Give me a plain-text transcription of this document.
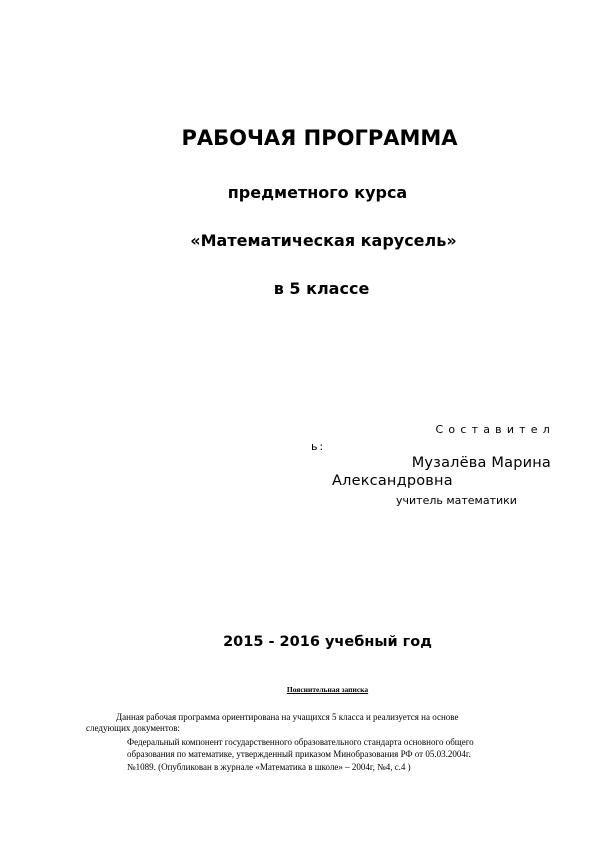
РАБОЧАЯ ПРОГРАММА
предметного курса
«Математическая карусель»
в 5 классе
Составител
ь:
Музалёва Марина
Александровна
учитель математики
2015 - 2016 учебный год
Пояснительная записка
Данная рабочая программа ориентирована на учащихся 5 класса и реализуется на основе
следующих документов:
Федеральный компонент государственного образовательного стандарта основного общего
образования по математике, утвержденный приказом Минобразования РФ от 05.03.2004г.
№1089. (Опубликован в журнале «Математика в школе» – 2004г, №4, с.4 )
